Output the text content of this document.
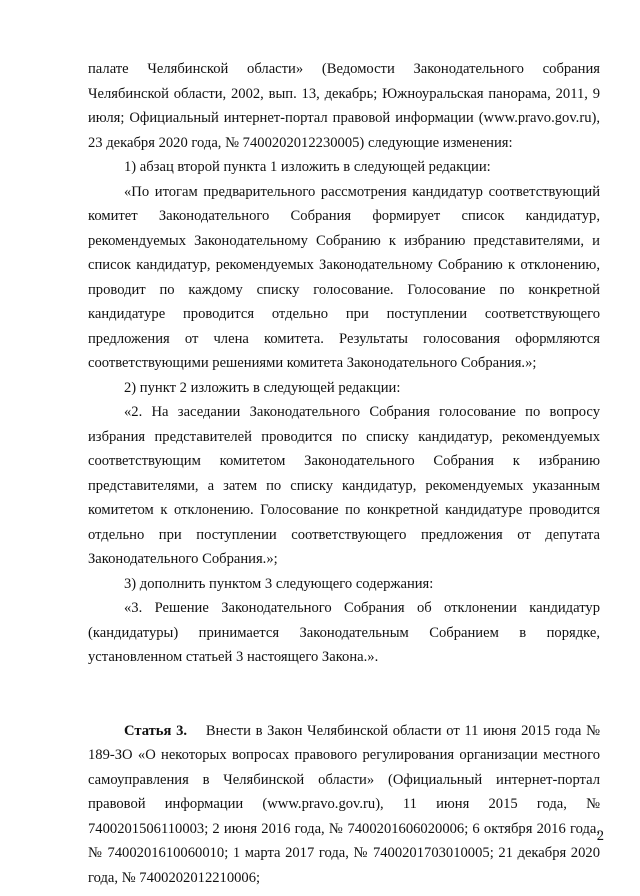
палате Челябинской области» (Ведомости Законодательного собрания Челябинской области, 2002, вып. 13, декабрь; Южноуральская панорама, 2011, 9 июля; Официальный интернет-портал правовой информации (www.pravo.gov.ru), 23 декабря 2020 года, № 7400202012230005) следующие изменения:

1) абзац второй пункта 1 изложить в следующей редакции:

«По итогам предварительного рассмотрения кандидатур соответствующий комитет Законодательного Собрания формирует список кандидатур, рекомендуемых Законодательному Собранию к избранию представителями, и список кандидатур, рекомендуемых Законодательному Собранию к отклонению, проводит по каждому списку голосование. Голосование по конкретной кандидатуре проводится отдельно при поступлении соответствующего предложения от члена комитета. Результаты голосования оформляются соответствующими решениями комитета Законодательного Собрания.»;

2) пункт 2 изложить в следующей редакции:

«2. На заседании Законодательного Собрания голосование по вопросу избрания представителей проводится по списку кандидатур, рекомендуемых соответствующим комитетом Законодательного Собрания к избранию представителями, а затем по списку кандидатур, рекомендуемых указанным комитетом к отклонению. Голосование по конкретной кандидатуре проводится отдельно при поступлении соответствующего предложения от депутата Законодательного Собрания.»;

3) дополнить пунктом 3 следующего содержания:

«3. Решение Законодательного Собрания об отклонении кандидатур (кандидатуры) принимается Законодательным Собранием в порядке, установленном статьей 3 настоящего Закона.».

Статья 3. Внести в Закон Челябинской области от 11 июня 2015 года № 189-ЗО «О некоторых вопросах правового регулирования организации местного самоуправления в Челябинской области» (Официальный интернет-портал правовой информации (www.pravo.gov.ru), 11 июня 2015 года, № 7400201506110003; 2 июня 2016 года, № 7400201606020006; 6 октября 2016 года, № 7400201610060010; 1 марта 2017 года, № 7400201703010005; 21 декабря 2020 года, № 7400202012210006;

2
